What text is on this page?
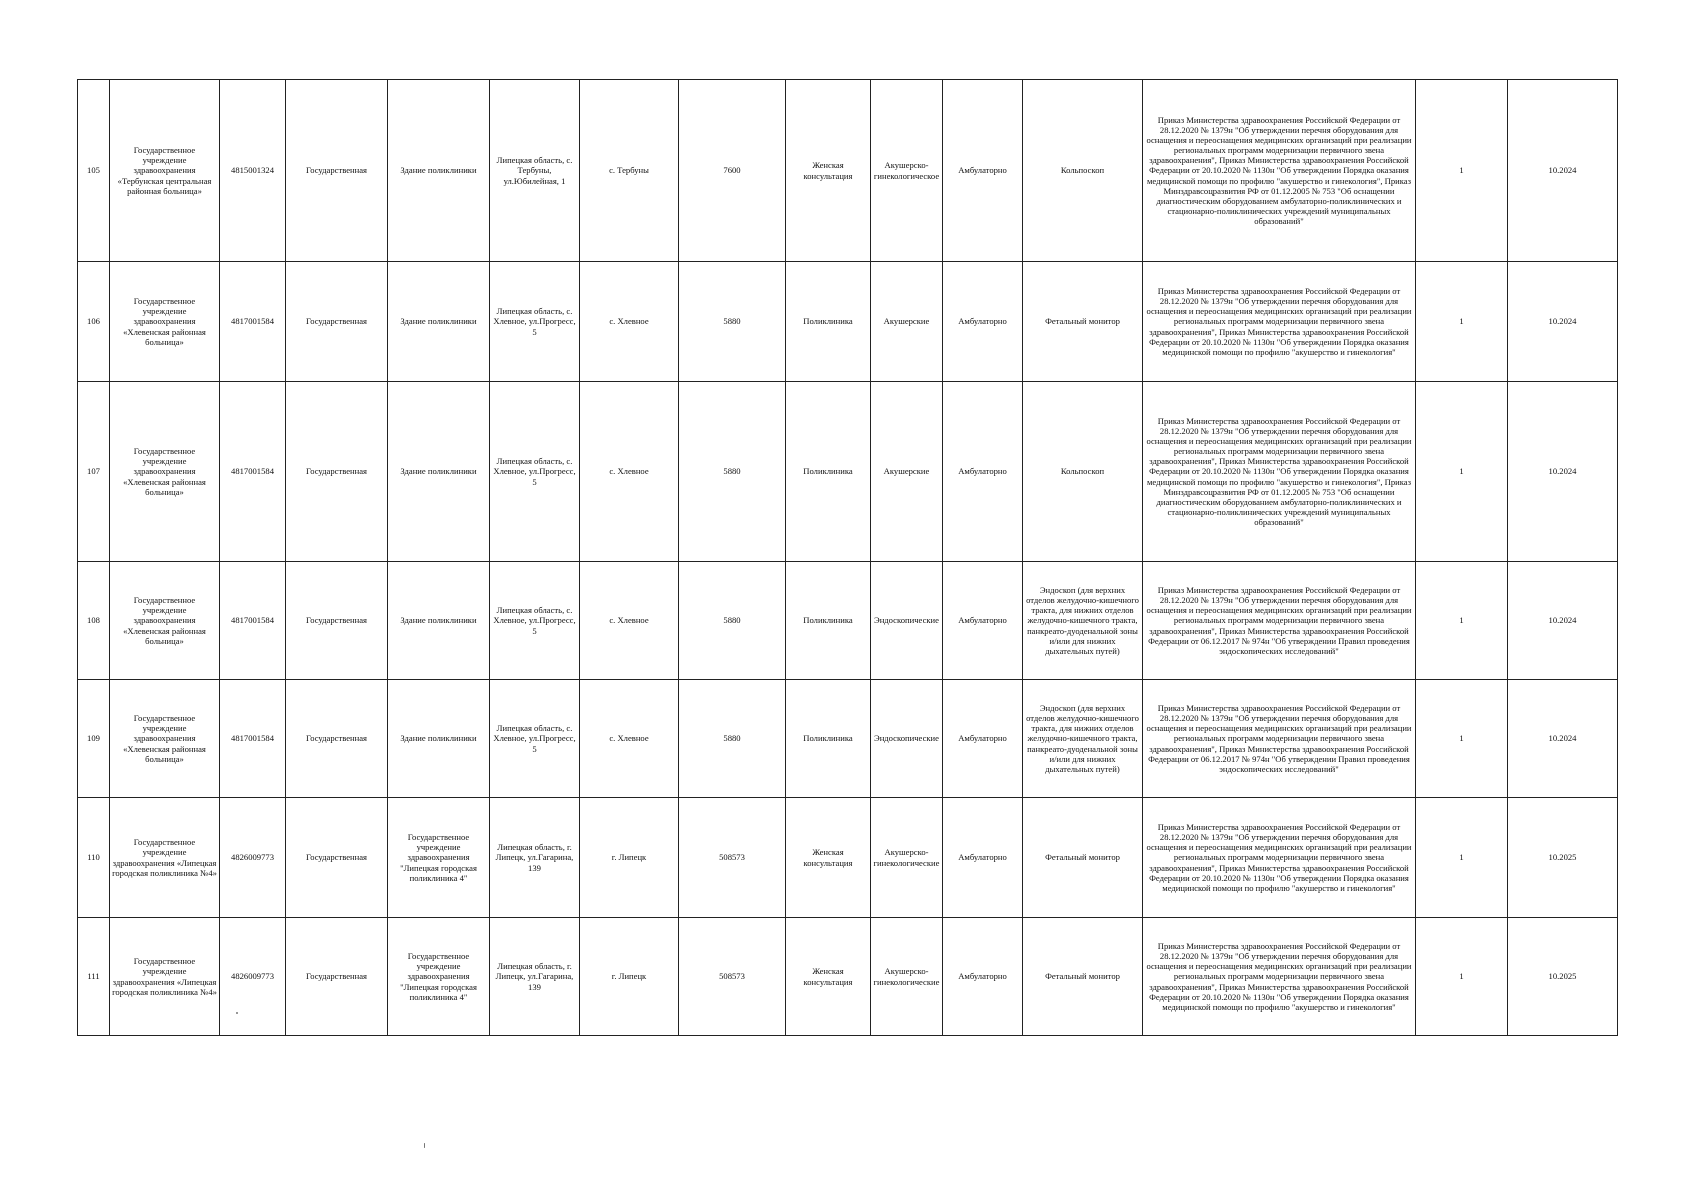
105	Государственное учреждение здравоохранения «Тербунская центральная районная больница»	4815001324	Государственная	Здание поликлиники	Липецкая область, с. Тербуны, ул.Юбилейная, 1	с. Тербуны	7600	Женская консультация	Акушерско-гинекологическое	Амбулаторно	Кольпоскоп	Приказ Министерства здравоохранения Российской Федерации от 28.12.2020 № 1379н "Об утверждении перечня оборудования для оснащения и переоснащения медицинских организаций при реализации региональных программ модернизации первичного звена здравоохранения", Приказ Министерства здравоохранения Российской Федерации от 20.10.2020 № 1130н "Об утверждении Порядка оказания медицинской помощи по профилю "акушерство и гинекология", Приказ Минздравсоцразвития РФ от 01.12.2005 № 753 "Об оснащении диагностическим оборудованием амбулаторно-поликлинических и стационарно-поликлинических учреждений муниципальных образований"	1	10.2024
106	Государственное учреждение здравоохранения «Хлевенская районная больница»	4817001584	Государственная	Здание поликлиники	Липецкая область, с. Хлевное, ул.Прогресс, 5	с. Хлевное	5880	Поликлиника	Акушерские	Амбулаторно	Фетальный монитор	Приказ Министерства здравоохранения Российской Федерации от 28.12.2020 № 1379н "Об утверждении перечня оборудования для оснащения и переоснащения медицинских организаций при реализации региональных программ модернизации первичного звена здравоохранения", Приказ Министерства здравоохранения Российской Федерации от 20.10.2020 № 1130н "Об утверждении Порядка оказания медицинской помощи по профилю "акушерство и гинекология"	1	10.2024
107	Государственное учреждение здравоохранения «Хлевенская районная больница»	4817001584	Государственная	Здание поликлиники	Липецкая область, с. Хлевное, ул.Прогресс, 5	с. Хлевное	5880	Поликлиника	Акушерские	Амбулаторно	Кольпоскоп	Приказ Министерства здравоохранения Российской Федерации от 28.12.2020 № 1379н "Об утверждении перечня оборудования для оснащения и переоснащения медицинских организаций при реализации региональных программ модернизации первичного звена здравоохранения", Приказ Министерства здравоохранения Российской Федерации от 20.10.2020 № 1130н "Об утверждении Порядка оказания медицинской помощи по профилю "акушерство и гинекология", Приказ Минздравсоцразвития РФ от 01.12.2005 № 753 "Об оснащении диагностическим оборудованием амбулаторно-поликлинических и стационарно-поликлинических учреждений муниципальных образований"	1	10.2024
108	Государственное учреждение здравоохранения «Хлевенская районная больница»	4817001584	Государственная	Здание поликлиники	Липецкая область, с. Хлевное, ул.Прогресс, 5	с. Хлевное	5880	Поликлиника	Эндоскопические	Амбулаторно	Эндоскоп (для верхних отделов желудочно-кишечного тракта, для нижних отделов желудочно-кишечного тракта, панкреато-дуоденальной зоны и/или для нижних дыхательных путей)	Приказ Министерства здравоохранения Российской Федерации от 28.12.2020 № 1379н "Об утверждении перечня оборудования для оснащения и переоснащения медицинских организаций при реализации региональных программ модернизации первичного звена здравоохранения", Приказ Министерства здравоохранения Российской Федерации от 06.12.2017 № 974н "Об утверждении Правил проведения эндоскопических исследований"	1	10.2024
109	Государственное учреждение здравоохранения «Хлевенская районная больница»	4817001584	Государственная	Здание поликлиники	Липецкая область, с. Хлевное, ул.Прогресс, 5	с. Хлевное	5880	Поликлиника	Эндоскопические	Амбулаторно	Эндоскоп (для верхних отделов желудочно-кишечного тракта, для нижних отделов желудочно-кишечного тракта, панкреато-дуоденальной зоны и/или для нижних дыхательных путей)	Приказ Министерства здравоохранения Российской Федерации от 28.12.2020 № 1379н "Об утверждении перечня оборудования для оснащения и переоснащения медицинских организаций при реализации региональных программ модернизации первичного звена здравоохранения", Приказ Министерства здравоохранения Российской Федерации от 06.12.2017 № 974н "Об утверждении Правил проведения эндоскопических исследований"	1	10.2024
110	Государственное учреждение здравоохранения «Липецкая городская поликлиника №4»	4826009773	Государственная	Государственное учреждение здравоохранения "Липецкая городская поликлиника 4"	Липецкая область, г. Липецк, ул.Гагарина, 139	г. Липецк	508573	Женская консультация	Акушерско-гинекологические	Амбулаторно	Фетальный монитор	Приказ Министерства здравоохранения Российской Федерации от 28.12.2020 № 1379н "Об утверждении перечня оборудования для оснащения и переоснащения медицинских организаций при реализации региональных программ модернизации первичного звена здравоохранения", Приказ Министерства здравоохранения Российской Федерации от 20.10.2020 № 1130н "Об утверждении Порядка оказания медицинской помощи по профилю "акушерство и гинекология"	1	10.2025
111	Государственное учреждение здравоохранения «Липецкая городская поликлиника №4»	4826009773	Государственная	Государственное учреждение здравоохранения "Липецкая городская поликлиника 4"	Липецкая область, г. Липецк, ул.Гагарина, 139	г. Липецк	508573	Женская консультация	Акушерско-гинекологические	Амбулаторно	Фетальный монитор	Приказ Министерства здравоохранения Российской Федерации от 28.12.2020 № 1379н "Об утверждении перечня оборудования для оснащения и переоснащения медицинских организаций при реализации региональных программ модернизации первичного звена здравоохранения", Приказ Министерства здравоохранения Российской Федерации от 20.10.2020 № 1130н "Об утверждении Порядка оказания медицинской помощи по профилю "акушерство и гинекология"	1	10.2025
